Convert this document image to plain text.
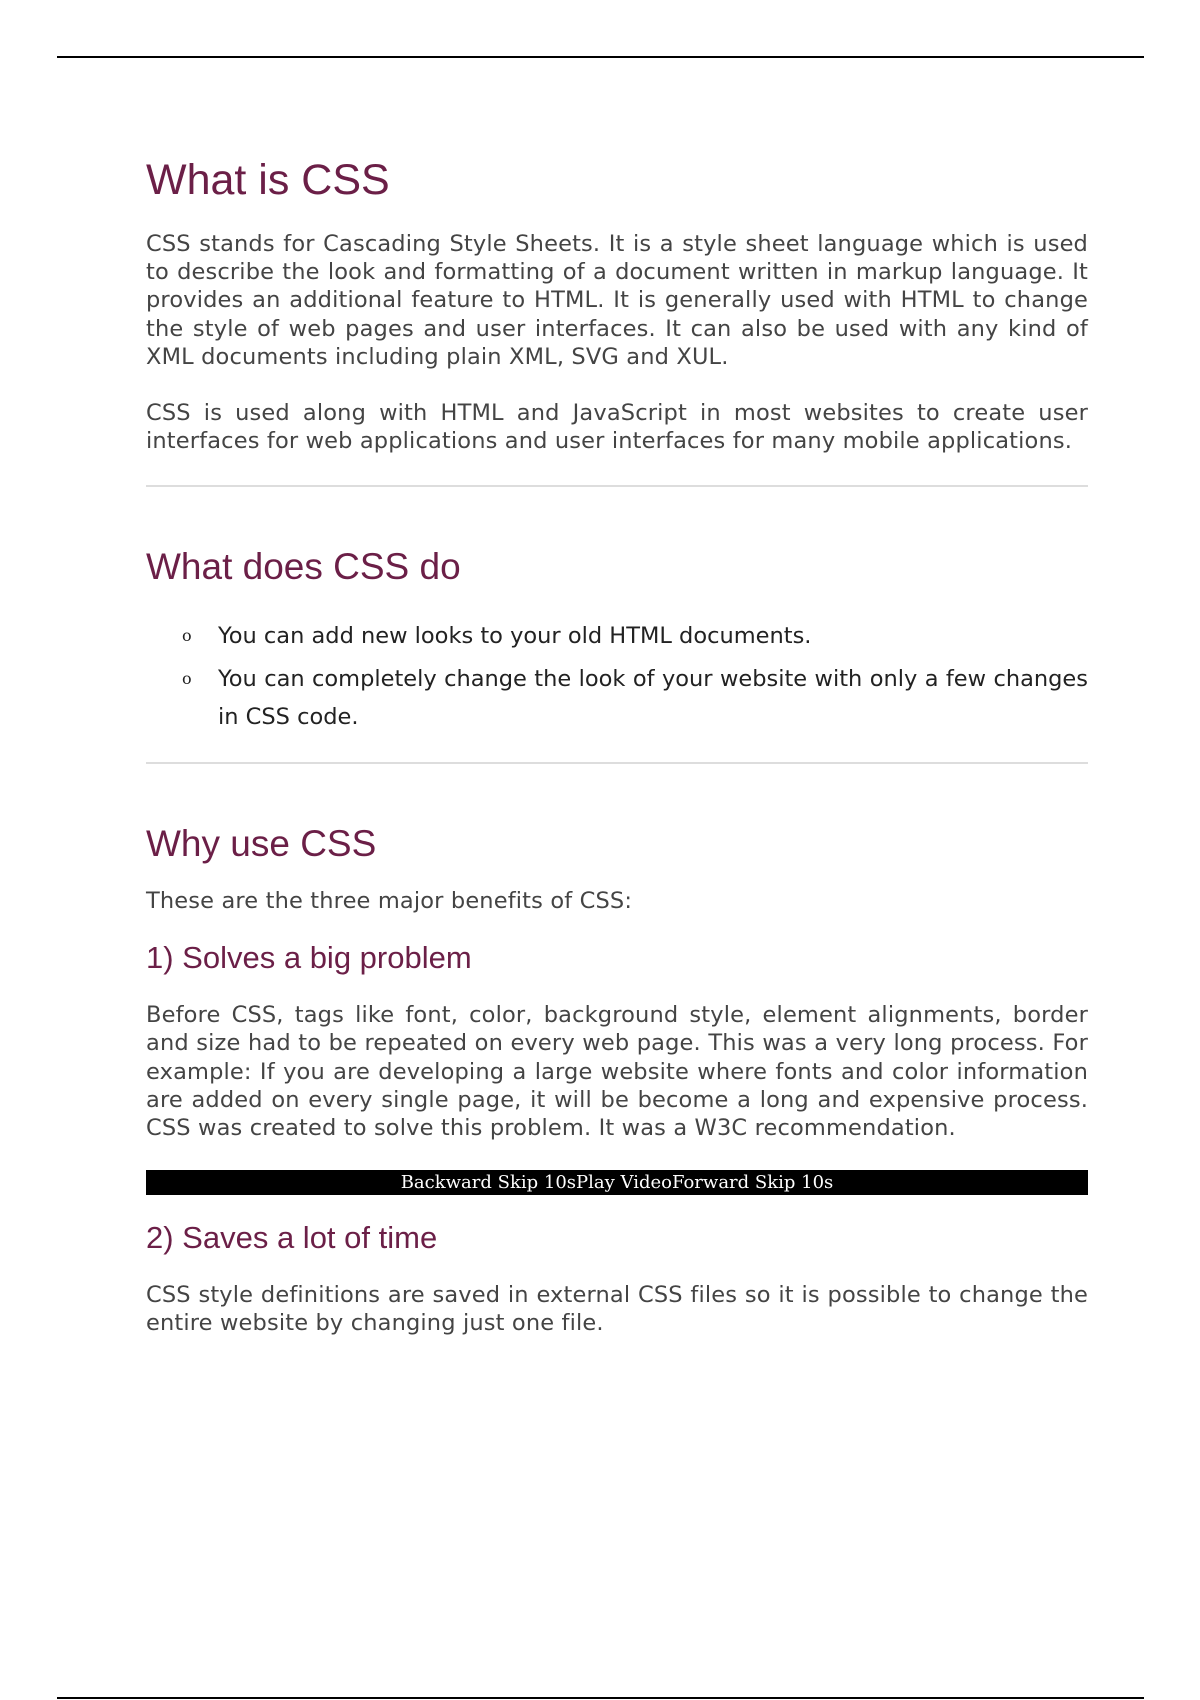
What is CSS

CSS stands for Cascading Style Sheets. It is a style sheet language which is used to describe the look and formatting of a document written in markup language. It provides an additional feature to HTML. It is generally used with HTML to change the style of web pages and user interfaces. It can also be used with any kind of XML documents including plain XML, SVG and XUL.

CSS is used along with HTML and JavaScript in most websites to create user interfaces for web applications and user interfaces for many mobile applications.

What does CSS do
o You can add new looks to your old HTML documents.
o You can completely change the look of your website with only a few changes in CSS code.
Why use CSS

These are the three major benefits of CSS:

1) Solves a big problem

Before CSS, tags like font, color, background style, element alignments, border and size had to be repeated on every web page. This was a very long process. For example: If you are developing a large website where fonts and color information are added on every single page, it will be become a long and expensive process. CSS was created to solve this problem. It was a W3C recommendation.

Backward Skip 10sPlay VideoForward Skip 10s
2) Saves a lot of time

CSS style definitions are saved in external CSS files so it is possible to change the entire website by changing just one file.
